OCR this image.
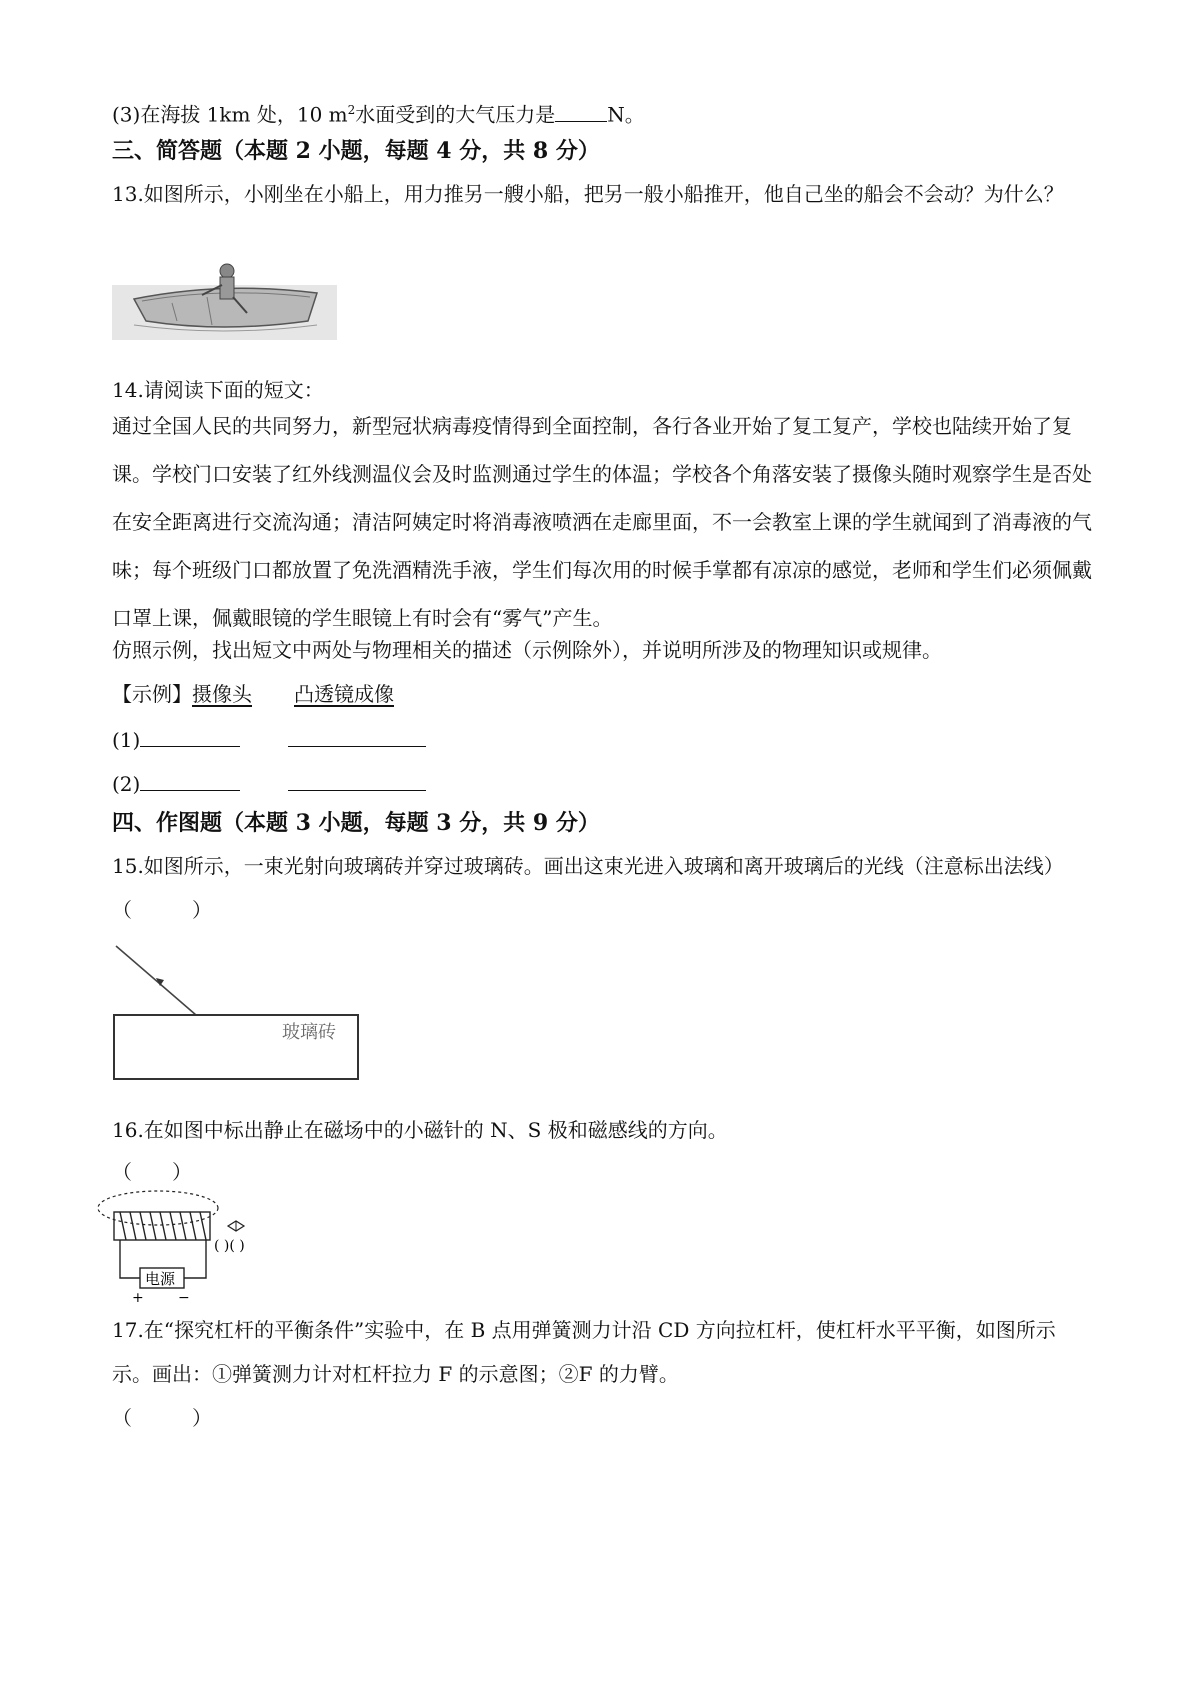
(3)在海拔 1km 处，10 $m^2$水面受到的大气压力是	N。
三、简答题（本题 2 小题，每题 4 分，共 8 分）
13.如图所示，小刚坐在小船上，用力推另一艘小船，把另一般小船推开，他自己坐的船会不会动？为什么？
14.请阅读下面的短文：
通过全国人民的共同努力，新型冠状病毒疫情得到全面控制，各行各业开始了复工复产，学校也陆续开始了复课。学校门口安装了红外线测温仪会及时监测通过学生的体温；学校各个角落安装了摄像头随时观察学生是否处在安全距离进行交流沟通；清洁阿姨定时将消毒液喷洒在走廊里面，不一会教室上课的学生就闻到了消毒液的气味；每个班级门口都放置了免洗酒精洗手液，学生们每次用的时候手掌都有凉凉的感觉，老师和学生们必须佩戴口罩上课，佩戴眼镜的学生眼镜上有时会有“雾气”产生。
仿照示例，找出短文中两处与物理相关的描述（示例除外），并说明所涉及的物理知识或规律。
【示例】摄像头 凸透镜成像
(1)
(2)
四、作图题（本题 3 小题，每题 3 分，共 9 分）
15.如图所示，一束光射向玻璃砖并穿过玻璃砖。画出这束光进入玻璃和离开玻璃后的光线（注意标出法线）
（　　　）
玻璃砖
16.在如图中标出静止在磁场中的小磁针的 N、S 极和磁感线的方向。
（　　）
电源
+ −
( )( )
17.在“探究杠杆的平衡条件”实验中，在 B 点用弹簧测力计沿 CD 方向拉杠杆，使杠杆水平平衡，如图所示
示。画出：①弹簧测力计对杠杆拉力 F 的示意图；②F 的力臂。
（　　　）
